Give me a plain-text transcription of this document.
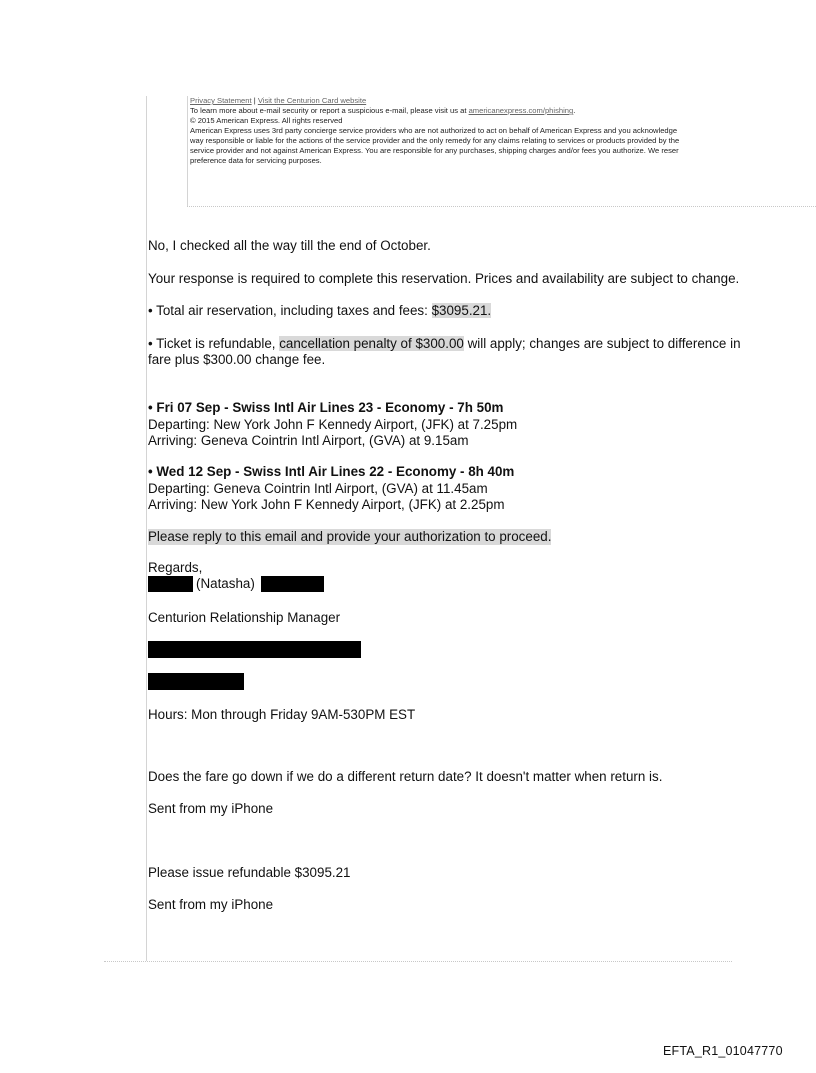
Privacy Statement | Visit the Centurion Card website

To learn more about e-mail security or report a suspicious e-mail, please visit us at americanexpress.com/phishing.

© 2015 American Express. All rights reserved

American Express uses 3rd party concierge service providers who are not authorized to act on behalf of American Express and you acknowledge

way responsible or liable for the actions of the service provider and the only remedy for any claims relating to services or products provided by the

service provider and not against American Express. You are responsible for any purchases, shipping charges and/or fees you authorize. We reser

preference data for servicing purposes.

No, I checked all the way till the end of October.
Your response is required to complete this reservation. Prices and availability are subject to change.
• Total air reservation, including taxes and fees: $3095.21.
• Ticket is refundable, cancellation penalty of $300.00 will apply; changes are subject to difference in
fare plus $300.00 change fee.
• Fri 07 Sep - Swiss Intl Air Lines 23 - Economy - 7h 50m
Departing: New York John F Kennedy Airport, (JFK) at 7.25pm
Arriving: Geneva Cointrin Intl Airport, (GVA) at 9.15am
• Wed 12 Sep - Swiss Intl Air Lines 22 - Economy - 8h 40m
Departing: Geneva Cointrin Intl Airport, (GVA) at 11.45am
Arriving: New York John F Kennedy Airport, (JFK) at 2.25pm
Please reply to this email and provide your authorization to proceed.
Regards,
(Natasha)
Centurion Relationship Manager
Hours: Mon through Friday 9AM-530PM EST
Does the fare go down if we do a different return date? It doesn't matter when return is.
Sent from my iPhone
Please issue refundable $3095.21
Sent from my iPhone
EFTA_R1_01047770
